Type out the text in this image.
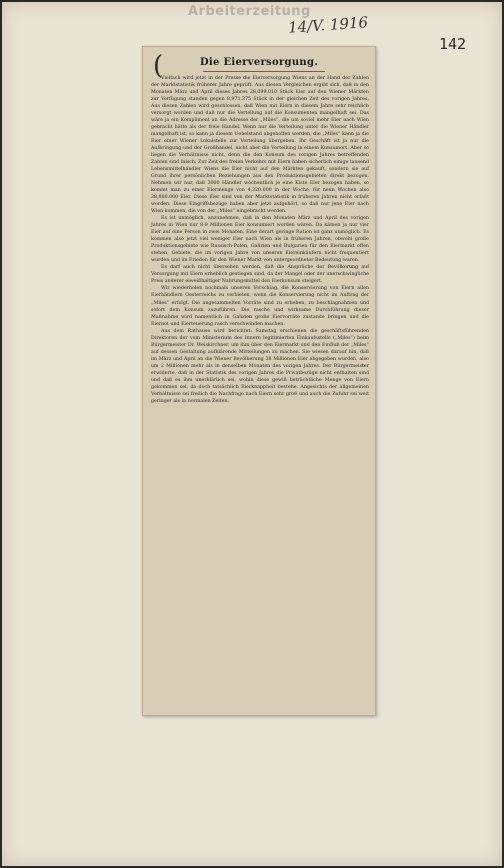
Arbeiterzeitung
14/V. 1916
142
(	Die Eierversorgung.

Vielfach wird jetzt in der Presse die Eierversorgung Wiens an der Hand der Zahlen der Marktstatistik früherer Jahre geprüft. Aus diesen Vergleichen ergibt sich, daß in den Monaten März und April dieses Jahres 28,099.010 Stück Eier auf den Wiener Märkten zur Verfügung standen gegen 8,971.375 Stück in der gleichen Zeit des vorigen Jahres. Aus diesen Zahlen wird geschlossen, daß Wien mit Eiern in diesem Jahre sehr reichlich versorgt worden und daß nur die Verteilung auf die Konsumenten mangelhaft sei. Das wäre ja ein Kompliment an die Adresse der „Miles“, die um soviel mehr Eier nach Wien gebracht hätte als der freie Handel. Wenn nur die Verteilung unter die Wiener Händler mangelhaft ist, so kann ja diesem Uebelstand abgeholfen werden, die „Miles“ kann ja die Eier einer Wiener Lokalstelle zur Verteilung übergeben. Ihr Geschäft ist ja nur die Aufbringung und der Großhandel, nicht aber die Verteilung in einem Kunsumort. Aber so liegen die Verhältnisse nicht, denn die den Konsum des vorigen Jahres betreffenden Zahlen sind falsch. Zur Zeit des freien Verkehrs mit Eiern haben sicherlich einige tausend Lebensmittelhändler Wiens die Eier nicht auf den Märkten gekauft, sondern sie auf Grund ihrer persönlichen Beziehungen aus den Produktionsgebieten direkt bezogen. Nehmen wir nur, daß 3000 Händler wöchentlich je eine Kiste Eier bezogen haben, so kommt man zu einer Eiermenge von 4,320.000 in der Woche, für neun Wochen also 38,880.000 Eier. Diese Eier sind von der Marktstatistik in früheren Jahren nicht erfaßt worden. Diese Eingriffsbezüge haben aber jetzt aufgehört, so daß nur jene Eier nach Wien kommen, die von der „Miles“ eingebracht werden.

Es ist unmöglich, anzunehmen, daß in den Monaten März und April des vorigen Jahres in Wien nur 8-9 Millionen Eier konsumiert worden wären. Da kämen ja nur vier Eier auf eine Person in zwei Monaten. Eine derart geringe Ration ist ganz unmöglich. Es kommen also jetzt viel weniger Eier nach Wien als in früheren Jahren, obwohl große Produktionsgebiete wie Russisch-Polen, Galizien und Bulgarien für den Eiermarkt offen stehen, Gebiete, die im vorigen Jahre von unseren Eiereinkäufern nicht frequentiert wurden und im Frieden für den Wiener Markt von untergeordneter Bedeutung waren.

Es darf auch nicht übersehen werden, daß die Ansprüche der Bevölkerung auf Versorgung mit Eiern erheblich gestiegen sind, da der Mangel oder der unerschwingliche Preis anderer eiweißhaltiger Nahrungsmittel den Eierkonsum steigert.

Wir wiederholen nochmals unseren Vorschlag, die Konservierung von Eiern allen Eierhändlern Oesterreichs zu verbieten, wenn die Konservierung nicht im Auftrag der „Miles“ erfolgt. Die angesammelten Vorräte sind zu erheben, zu beschlagnahmen und sofort dem Konsum zuzuführen. Die rasche und wirksame Durchführung dieser Maßnahme wird namentlich in Galizien große Eiervorräte zustande bringen und die Eiernot und Eierteuerung rasch verschwinden machen.

Aus dem Rathause wird berichtet: Samstag erschienen die geschäftsführenden Direktoren der vom Ministerium des Innern legitimierten Einkaufsstelle („Miles“) beim Bürgermeister Dr. Weiskirchner, um ihm über den Eiermarkt und den Einfluß der „Miles“ auf dessen Gestaltung aufklärende Mitteilungen zu machen. Sie wiesen darauf hin, daß im März und April an die Wiener Bevölkerung 38 Millionen Eier abgegeben wurden, also um 2 Millionen mehr als in denselben Monaten des vorigen Jahres. Der Bürgermeister erwiderte, daß in der Statistik des vorigen Jahres die Privatbezüge nicht enthalten sind und daß es ihm unerklärlich sei, wohin diese gewiß beträchtliche Menge von Eiern gekommen sei, da doch tatsächlich Eierknappheit bestehe. Angesichts der allgemeinen Verhältnisse sei freilich die Nachfrage nach Eiern sehr groß und auch die Zufuhr sei weit geringer als in normalen Zeiten.
